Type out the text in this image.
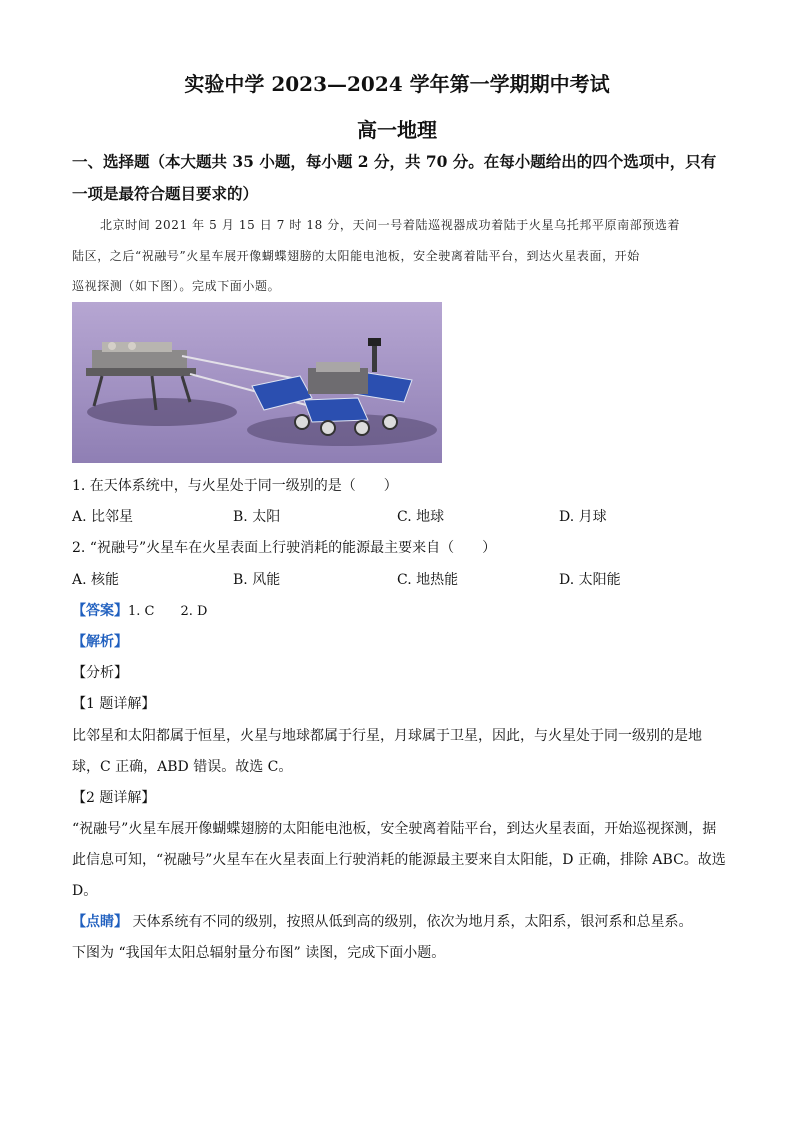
实验中学 2023—2024 学年第一学期期中考试
高一地理
一、选择题（本大题共 35 小题，每小题 2 分，共 70 分。在每小题给出的四个选项中，只有
一项是最符合题目要求的）
北京时间 2021 年 5 月 15 日 7 时 18 分，天问一号着陆巡视器成功着陆于火星乌托邦平原南部预选着
陆区，之后“祝融号”火星车展开像蝴蝶翅膀的太阳能电池板，安全驶离着陆平台，到达火星表面，开始
巡视探测（如下图）。完成下面小题。
1. 在天体系统中，与火星处于同一级别的是（　　）
A. 比邻星	B. 太阳	C. 地球	D. 月球
2. “祝融号”火星车在火星表面上行驶消耗的能源最主要来自（　　）
A. 核能	B. 风能	C. 地热能	D. 太阳能
【答案】1. C　　2. D
【解析】
【分析】
【1 题详解】
比邻星和太阳都属于恒星，火星与地球都属于行星，月球属于卫星，因此，与火星处于同一级别的是地
球，C 正确，ABD 错误。故选 C。
【2 题详解】
“祝融号”火星车展开像蝴蝶翅膀的太阳能电池板，安全驶离着陆平台，到达火星表面，开始巡视探测，据
此信息可知，“祝融号”火星车在火星表面上行驶消耗的能源最主要来自太阳能，D 正确，排除 ABC。故选
D。
【点睛】 天体系统有不同的级别，按照从低到高的级别，依次为地月系，太阳系，银河系和总星系。
下图为 “我国年太阳总辐射量分布图” 读图，完成下面小题。
